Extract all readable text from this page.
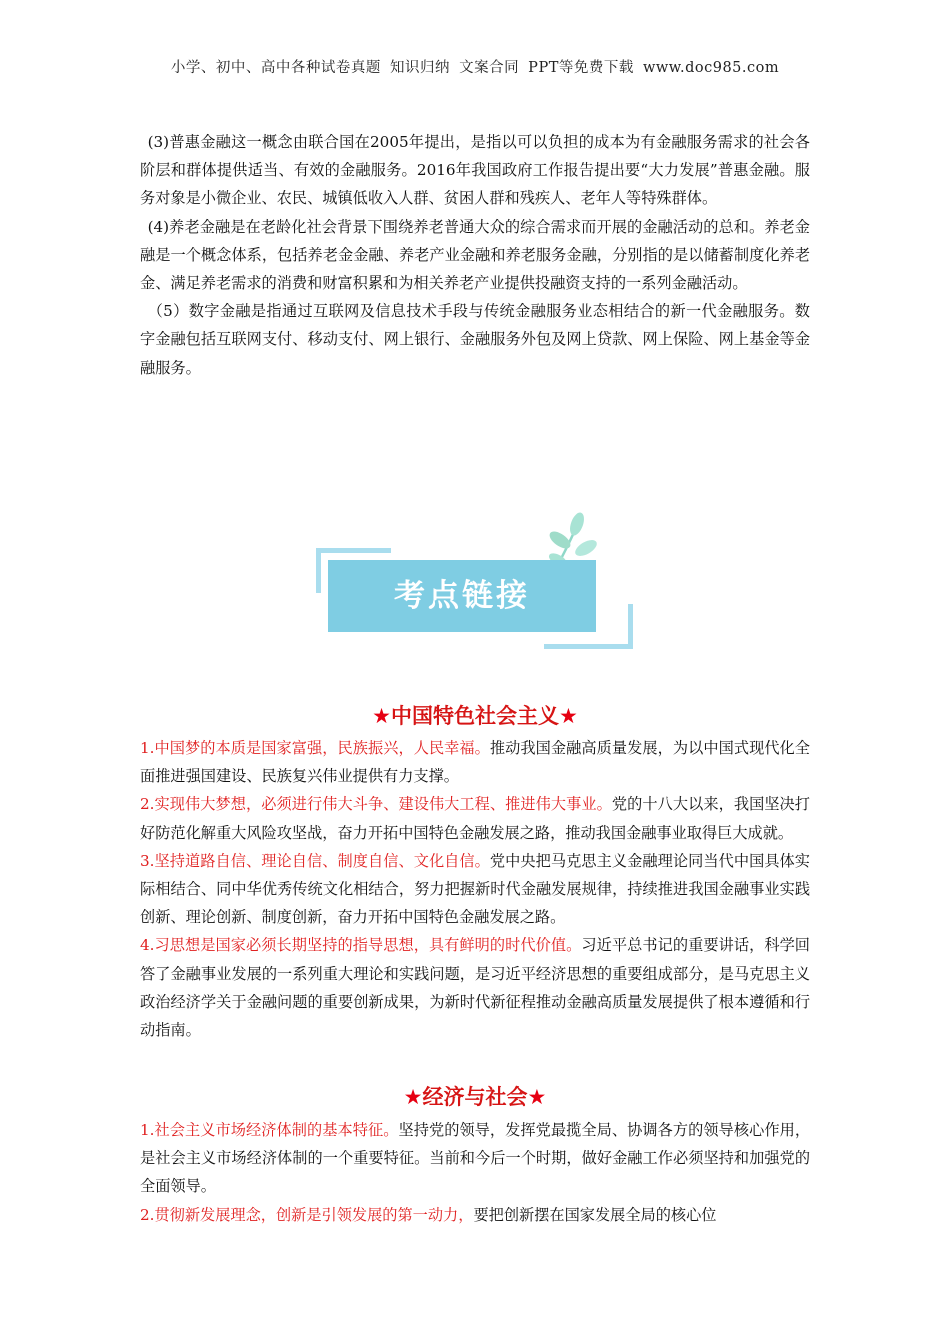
小学、初中、高中各种试卷真题 知识归纳 文案合同 PPT等免费下载 www.doc985.com

(3)普惠金融这一概念由联合国在2005年提出，是指以可以负担的成本为有金融服务需求的社会各阶层和群体提供适当、有效的金融服务。2016年我国政府工作报告提出要“大力发展”普惠金融。服务对象是小微企业、农民、城镇低收入人群、贫困人群和残疾人、老年人等特殊群体。

(4)养老金融是在老龄化社会背景下围绕养老普通大众的综合需求而开展的金融活动的总和。养老金融是一个概念体系，包括养老金金融、养老产业金融和养老服务金融，分别指的是以储蓄制度化养老金、满足养老需求的消费和财富积累和为相关养老产业提供投融资支持的一系列金融活动。

（5）数字金融是指通过互联网及信息技术手段与传统金融服务业态相结合的新一代金融服务。数字金融包括互联网支付、移动支付、网上银行、金融服务外包及网上贷款、网上保险、网上基金等金融服务。

考点链接
★中国特色社会主义★

1.中国梦的本质是国家富强，民族振兴，人民幸福。推动我国金融高质量发展，为以中国式现代化全面推进强国建设、民族复兴伟业提供有力支撑。

2.实现伟大梦想，必须进行伟大斗争、建设伟大工程、推进伟大事业。党的十八大以来，我国坚决打好防范化解重大风险攻坚战，奋力开拓中国特色金融发展之路，推动我国金融事业取得巨大成就。

3.坚持道路自信、理论自信、制度自信、文化自信。党中央把马克思主义金融理论同当代中国具体实际相结合、同中华优秀传统文化相结合，努力把握新时代金融发展规律，持续推进我国金融事业实践创新、理论创新、制度创新，奋力开拓中国特色金融发展之路。

4.习思想是国家必须长期坚持的指导思想，具有鲜明的时代价值。习近平总书记的重要讲话，科学回答了金融事业发展的一系列重大理论和实践问题，是习近平经济思想的重要组成部分，是马克思主义政治经济学关于金融问题的重要创新成果，为新时代新征程推动金融高质量发展提供了根本遵循和行动指南。

★经济与社会★

1.社会主义市场经济体制的基本特征。坚持党的领导，发挥党最揽全局、协调各方的领导核心作用，是社会主义市场经济体制的一个重要特征。当前和今后一个时期，做好金融工作必须坚持和加强党的全面领导。

2.贯彻新发展理念，创新是引领发展的第一动力，要把创新摆在国家发展全局的核心位
